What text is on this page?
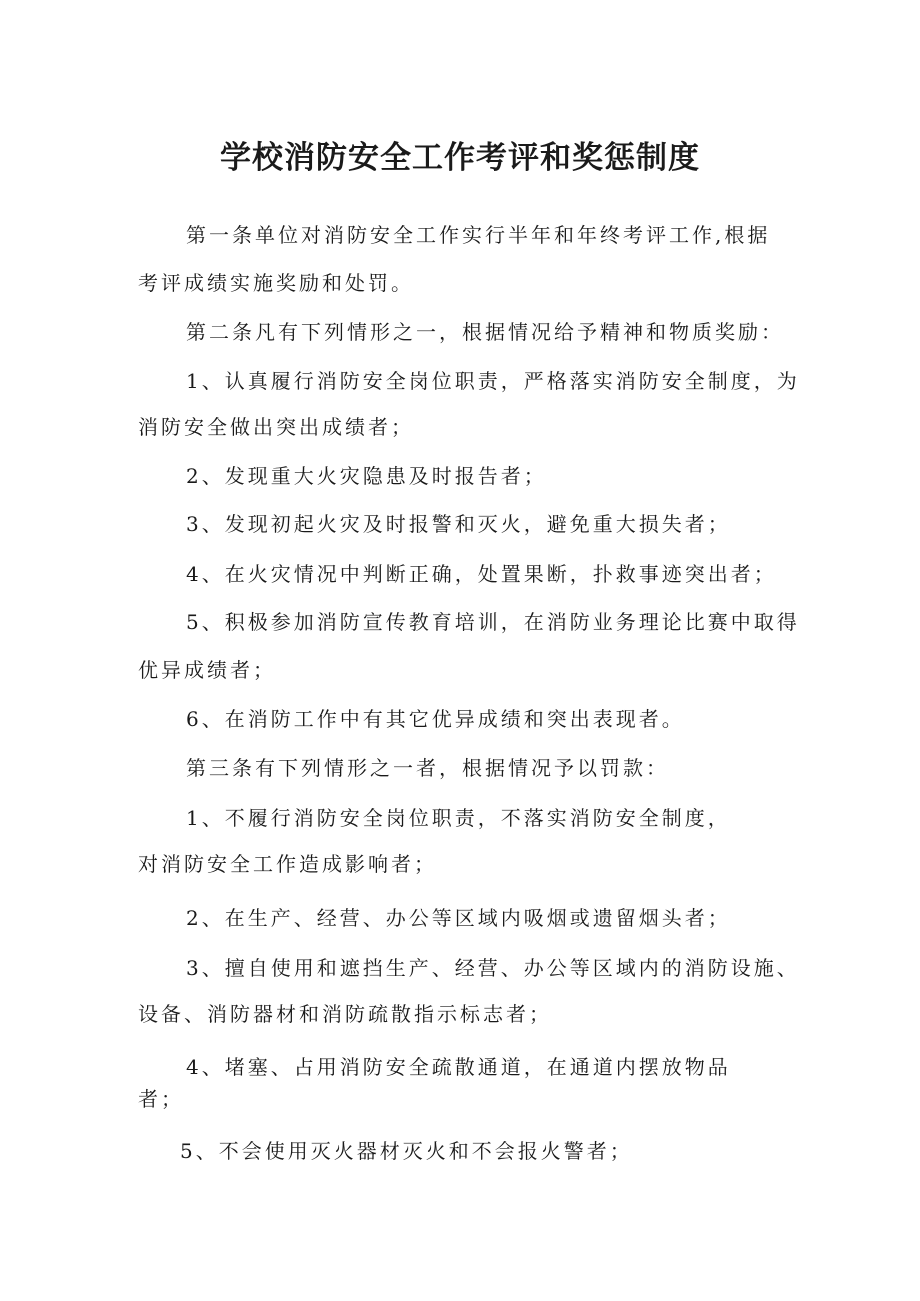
学校消防安全工作考评和奖惩制度

第一条单位对消防安全工作实行半年和年终考评工作,根据
考评成绩实施奖励和处罚。

第二条凡有下列情形之一，根据情况给予精神和物质奖励：

1、认真履行消防安全岗位职责，严格落实消防安全制度，为
消防安全做出突出成绩者；

2、发现重大火灾隐患及时报告者；

3、发现初起火灾及时报警和灭火，避免重大损失者；

4、在火灾情况中判断正确，处置果断，扑救事迹突出者；

5、积极参加消防宣传教育培训，在消防业务理论比赛中取得
优异成绩者；

6、在消防工作中有其它优异成绩和突出表现者。

第三条有下列情形之一者，根据情况予以罚款：

1、不履行消防安全岗位职责，不落实消防安全制度，
对消防安全工作造成影响者；

2、在生产、经营、办公等区域内吸烟或遗留烟头者；

3、擅自使用和遮挡生产、经营、办公等区域内的消防设施、
设备、消防器材和消防疏散指示标志者；

4、堵塞、占用消防安全疏散通道，在通道内摆放物品
者；

5、不会使用灭火器材灭火和不会报火警者；
